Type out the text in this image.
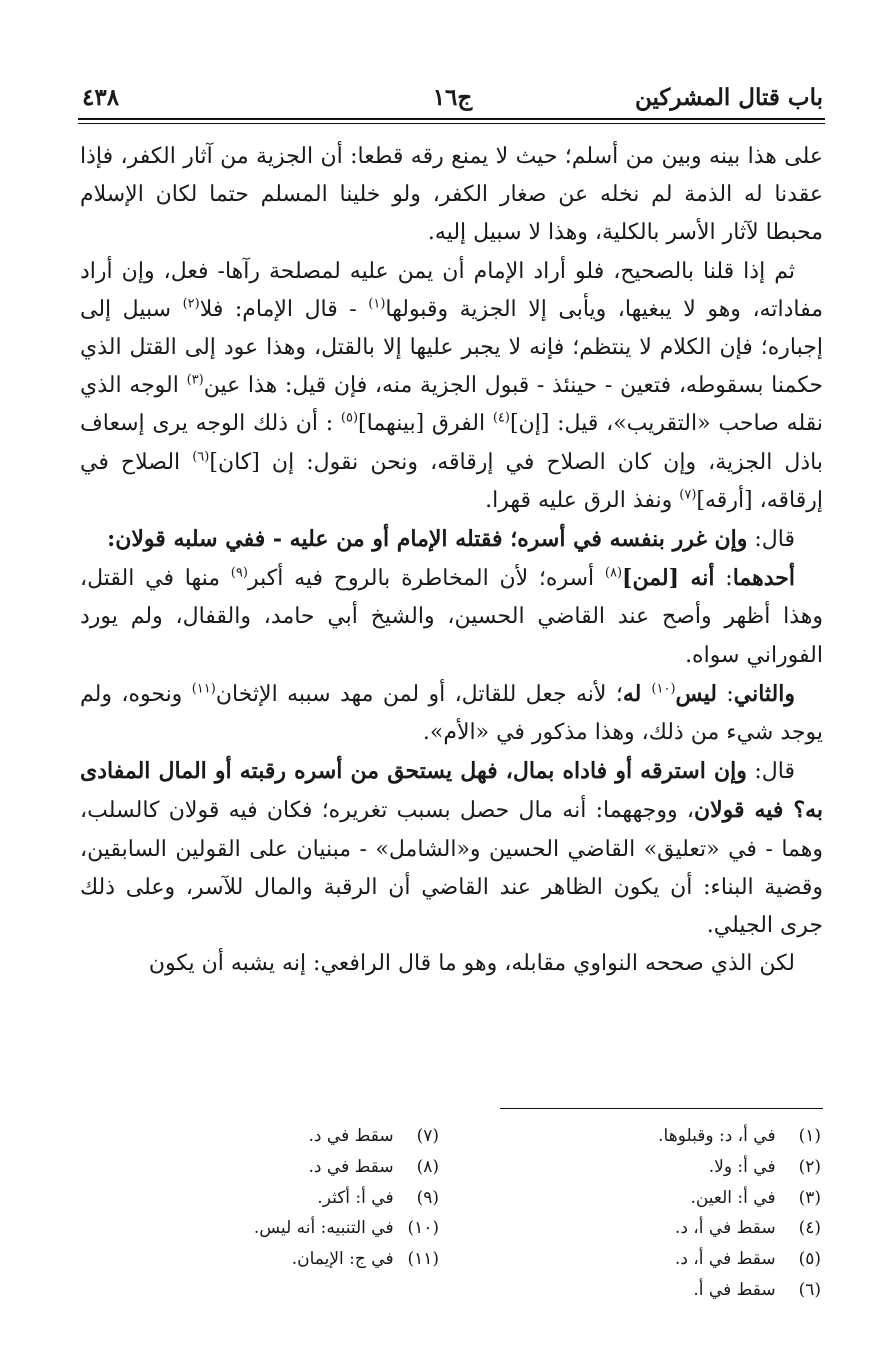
باب قتال المشركين
ج١٦
٤٣٨

على هذا بينه وبين من أسلم؛ حيث لا يمنع رقه قطعا: أن الجزية من آثار الكفر، فإذا عقدنا له الذمة لم نخله عن صغار الكفر، ولو خلينا المسلم حتما لكان الإسلام محبطا لآثار الأسر بالكلية، وهذا لا سبيل إليه.

ثم إذا قلنا بالصحيح، فلو أراد الإمام أن يمن عليه لمصلحة رآها- فعل، وإن أراد مفاداته، وهو لا يبغيها، ويأبى إلا الجزية وقبولها$^{(١)}$ - قال الإمام: فلا$^{(٢)}$ سبيل إلى إجباره؛ فإن الكلام لا ينتظم؛ فإنه لا يجبر عليها إلا بالقتل، وهذا عود إلى القتل الذي حكمنا بسقوطه، فتعين - حينئذ - قبول الجزية منه، فإن قيل: هذا عين$^{(٣)}$ الوجه الذي نقله صاحب «التقريب»، قيل: [إن]$^{(٤)}$ الفرق [بينهما]$^{(٥)}$ : أن ذلك الوجه يرى إسعاف باذل الجزية، وإن كان الصلاح في إرقاقه، ونحن نقول: إن [كان]$^{(٦)}$ الصلاح في إرقاقه، [أرقه]$^{(٧)}$ ونفذ الرق عليه قهرا.

قال: وإن غرر بنفسه في أسره؛ فقتله الإمام أو من عليه - ففي سلبه قولان:

أحدهما: أنه [لمن]$^{(٨)}$ أسره؛ لأن المخاطرة بالروح فيه أكبر$^{(٩)}$ منها في القتل، وهذا أظهر وأصح عند القاضي الحسين، والشيخ أبي حامد، والقفال، ولم يورد الفوراني سواه.

والثاني: ليس$^{(١٠)}$ له؛ لأنه جعل للقاتل، أو لمن مهد سببه الإثخان$^{(١١)}$ ونحوه، ولم يوجد شيء من ذلك، وهذا مذكور في «الأم».

قال: وإن استرقه أو فاداه بمال، فهل يستحق من أسره رقبته أو المال المفادى به؟ فيه قولان، ووجههما: أنه مال حصل بسبب تغريره؛ فكان فيه قولان كالسلب، وهما - في «تعليق» القاضي الحسين و«الشامل» - مبنيان على القولين السابقين، وقضية البناء: أن يكون الظاهر عند القاضي أن الرقبة والمال للآسر، وعلى ذلك جرى الجيلي.

لكن الذي صححه النواوي مقابله، وهو ما قال الرافعي: إنه يشبه أن يكون

(١) في أ، د: وقبلوها.
(٢) في أ: ولا.
(٣) في أ: العين.
(٤) سقط في أ، د.
(٥) سقط في أ، د.
(٦) سقط في أ.
(٧) سقط في د.
(٨) سقط في د.
(٩) في أ: أكثر.
(١٠) في التنبيه: أنه ليس.
(١١) في ج: الإيمان.
